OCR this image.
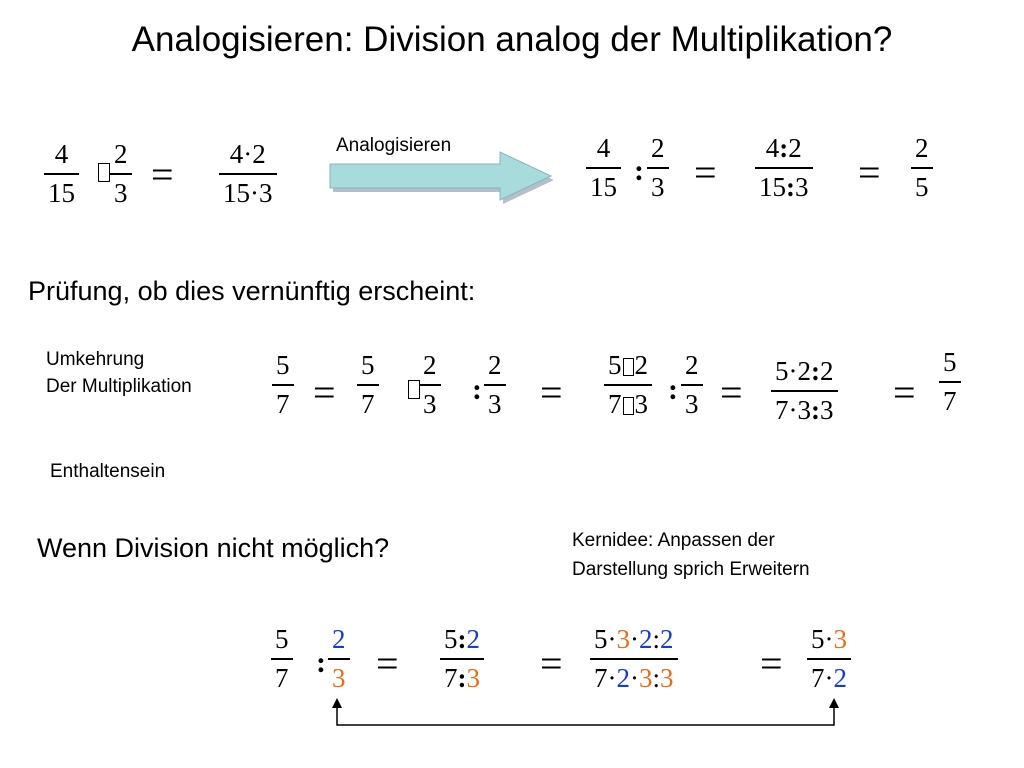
Analogisieren: Division analog der Multiplikation?
4
15
2
3 = 4·2
15·3
Analogisieren	4
15 :
2
3 =
4:2
15:3 =
2
5
Prüfung, ob dies vernünftig erscheint:
Umkehrung
Der Multiplikation
5
7 =
5
7
2
3 :
2
3 =
5 2
7 3 :
2
3 = 5·2:2
7·3:3 =
5
7
Enthaltensein
Wenn Division nicht möglich?	Kernidee: Anpassen der
Darstellung sprich Erweitern
5
7 :
2
3 =
5:2
7:3 =
5·3·2:2
7·2·3:3 =
5·3
7·2
